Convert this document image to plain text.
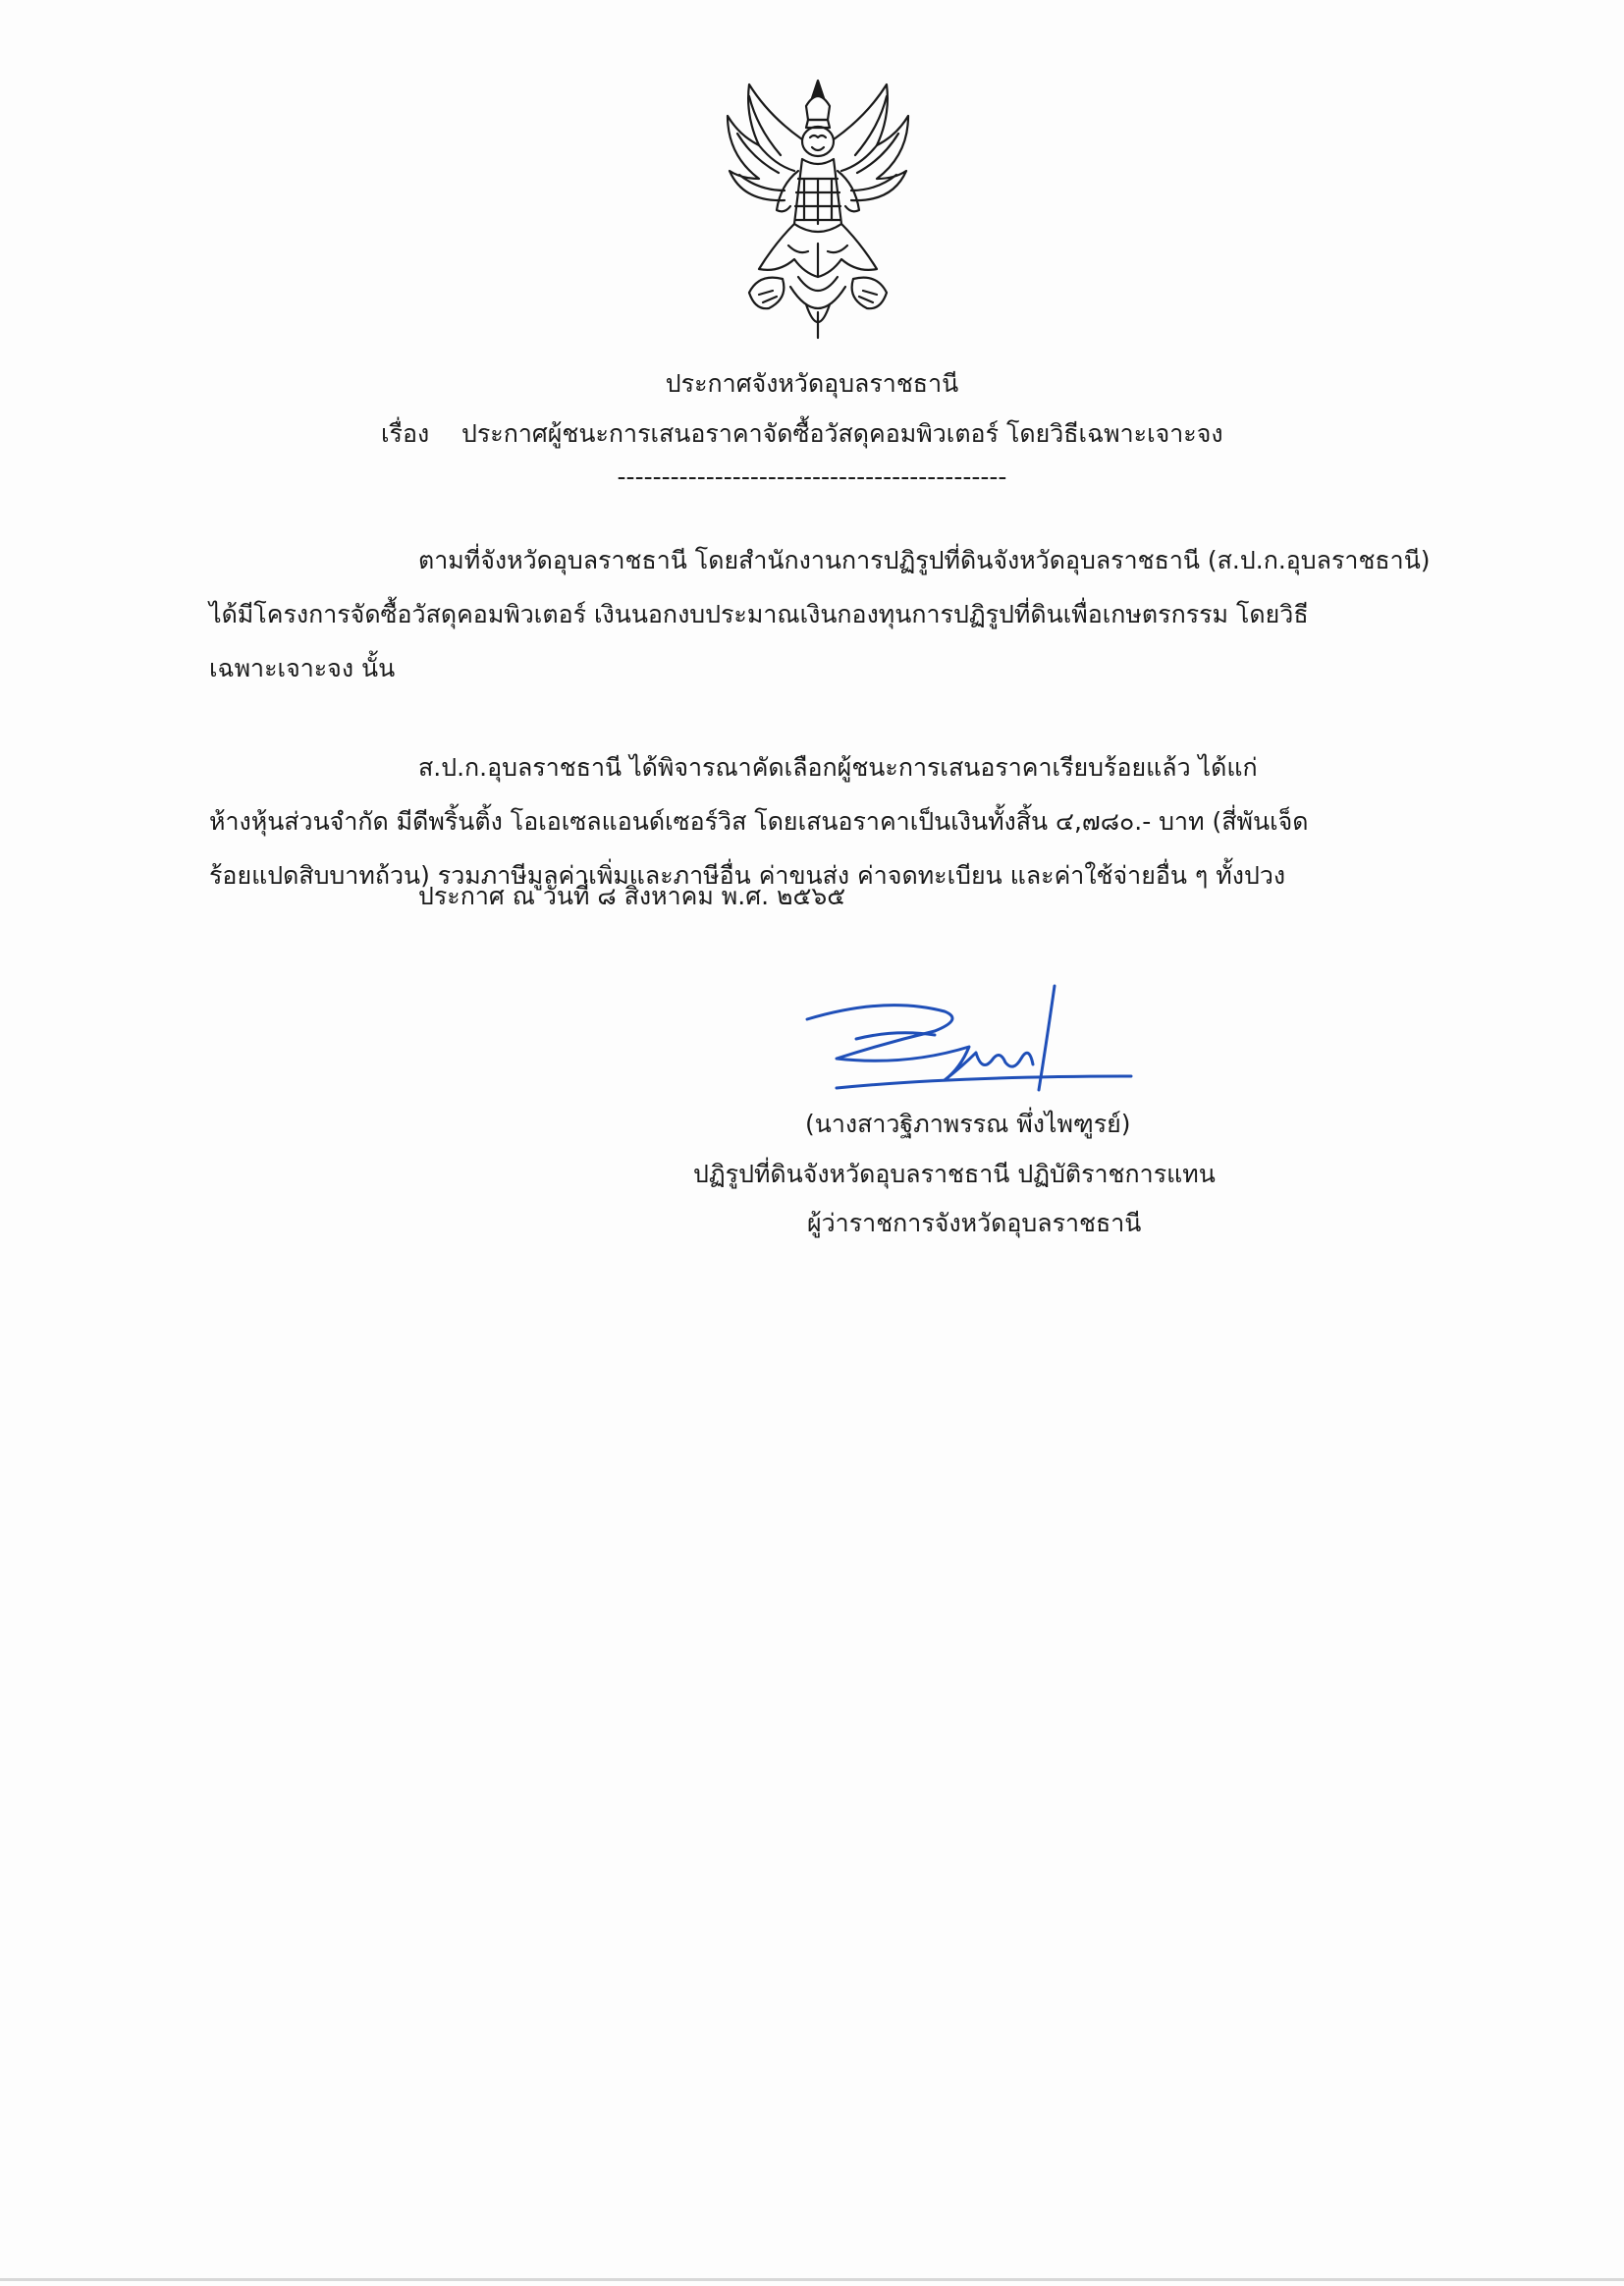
ประกาศจังหวัดอุบลราชธานี
เรื่อง ประกาศผู้ชนะการเสนอราคาจัดซื้อวัสดุคอมพิวเตอร์ โดยวิธีเฉพาะเจาะจง
--------------------------------------------
ตามที่จังหวัดอุบลราชธานี โดยสำนักงานการปฏิรูปที่ดินจังหวัดอุบลราชธานี (ส.ป.ก.อุบลราชธานี)
ได้มีโครงการจัดซื้อวัสดุคอมพิวเตอร์ เงินนอกงบประมาณเงินกองทุนการปฏิรูปที่ดินเพื่อเกษตรกรรม โดยวิธี
เฉพาะเจาะจง นั้น
ส.ป.ก.อุบลราชธานี ได้พิจารณาคัดเลือกผู้ชนะการเสนอราคาเรียบร้อยแล้ว ได้แก่
ห้างหุ้นส่วนจำกัด มีดีพริ้นติ้ง โอเอเซลแอนด์เซอร์วิส โดยเสนอราคาเป็นเงินทั้งสิ้น ๔,๗๘๐.- บาท (สี่พันเจ็ด
ร้อยแปดสิบบาทถ้วน) รวมภาษีมูลค่าเพิ่มและภาษีอื่น ค่าขนส่ง ค่าจดทะเบียน และค่าใช้จ่ายอื่น ๆ ทั้งปวง
ประกาศ ณ วันที่ ๘ สิงหาคม พ.ศ. ๒๕๖๕
(นางสาวฐิภาพรรณ พึ่งไพฑูรย์)
ปฏิรูปที่ดินจังหวัดอุบลราชธานี ปฏิบัติราชการแทน
ผู้ว่าราชการจังหวัดอุบลราชธานี
